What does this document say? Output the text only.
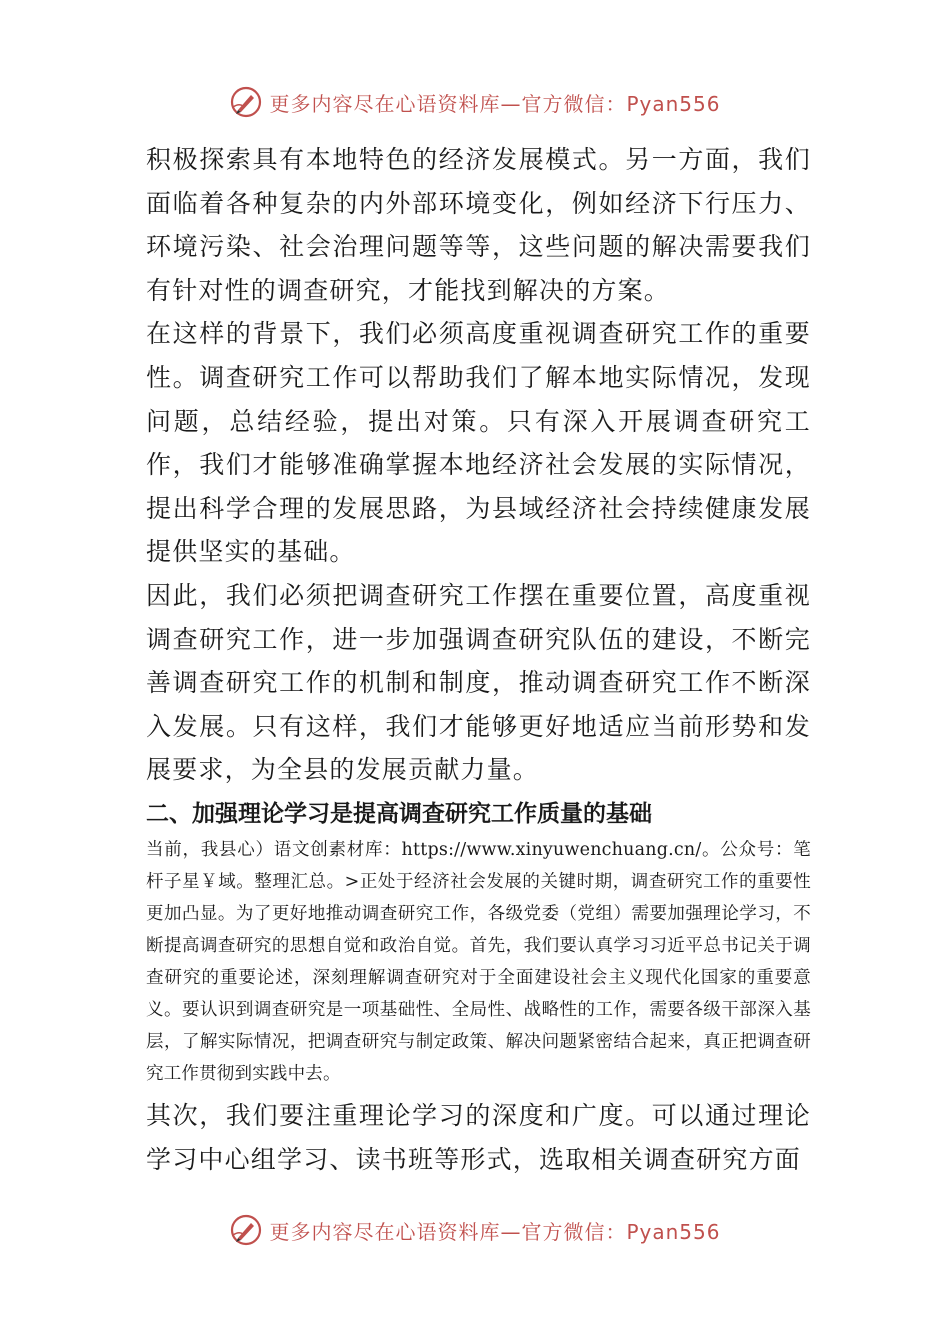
更多内容尽在心语资料库—官方微信：Pyan556

积极探索具有本地特色的经济发展模式。另一方面，我们面临着各种复杂的内外部环境变化，例如经济下行压力、环境污染、社会治理问题等等，这些问题的解决需要我们有针对性的调查研究，才能找到解决的方案。

在这样的背景下，我们必须高度重视调查研究工作的重要性。调查研究工作可以帮助我们了解本地实际情况，发现问题，总结经验，提出对策。只有深入开展调查研究工作，我们才能够准确掌握本地经济社会发展的实际情况，提出科学合理的发展思路，为县域经济社会持续健康发展提供坚实的基础。

因此，我们必须把调查研究工作摆在重要位置，高度重视调查研究工作，进一步加强调查研究队伍的建设，不断完善调查研究工作的机制和制度，推动调查研究工作不断深入发展。只有这样，我们才能够更好地适应当前形势和发展要求，为全县的发展贡献力量。

二、加强理论学习是提高调查研究工作质量的基础

当前，我县心）语文创素材库：https://www.xinyuwenchuang.cn/。公众号：笔杆子星￥域。整理汇总。>正处于经济社会发展的关键时期，调查研究工作的重要性更加凸显。为了更好地推动调查研究工作，各级党委（党组）需要加强理论学习，不断提高调查研究的思想自觉和政治自觉。首先，我们要认真学习习近平总书记关于调查研究的重要论述，深刻理解调查研究对于全面建设社会主义现代化国家的重要意义。要认识到调查研究是一项基础性、全局性、战略性的工作，需要各级干部深入基层，了解实际情况，把调查研究与制定政策、解决问题紧密结合起来，真正把调查研究工作贯彻到实践中去。

其次，我们要注重理论学习的深度和广度。可以通过理论学习中心组学习、读书班等形式，选取相关调查研究方面

更多内容尽在心语资料库—官方微信：Pyan556
